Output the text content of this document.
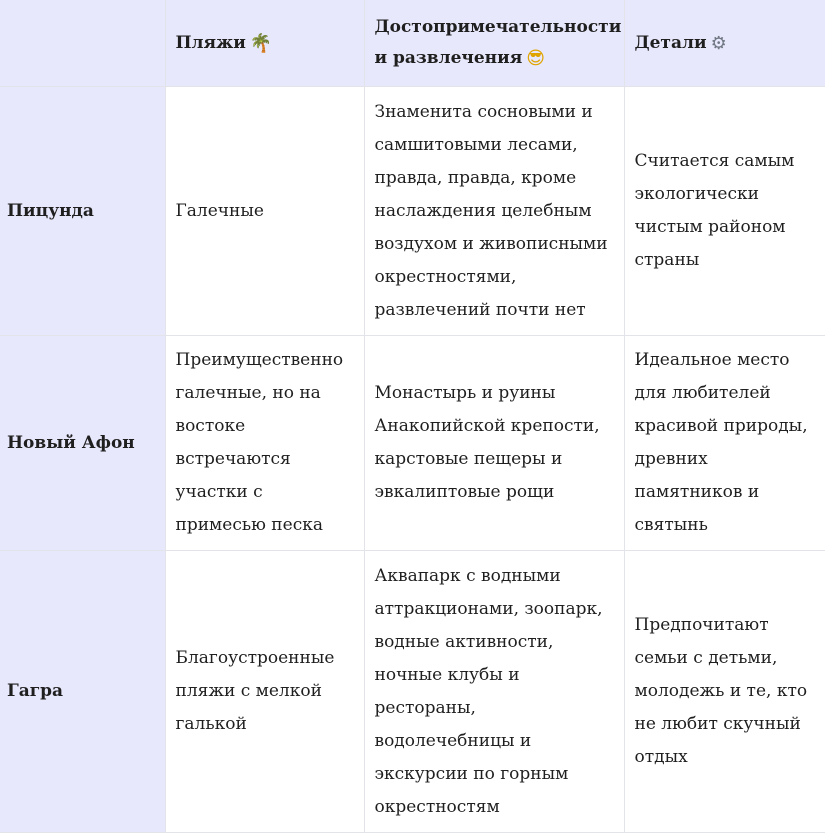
	Пляжи 🌴	Достопримечательности и развлечения 😎	Детали ⚙
Пицунда	Галечные	Знаменита сосновыми и самшитовыми лесами, правда, правда, кроме наслаждения целебным воздухом и живописными окрестностями, развлечений почти нет	Считается самым экологически чистым районом страны
Новый Афон	Преимущественно галечные, но на востоке встречаются участки с примесью песка	Монастырь и руины Анакопийской крепости, карстовые пещеры и эвкалиптовые рощи	Идеальное место для любителей красивой природы, древних памятников и святынь
Гагра	Благоустроенные пляжи с мелкой галькой	Аквапарк с водными аттракционами, зоопарк, водные активности, ночные клубы и рестораны, водолечебницы и экскурсии по горным окрестностям	Предпочитают семьи с детьми, молодежь и те, кто не любит скучный отдых
